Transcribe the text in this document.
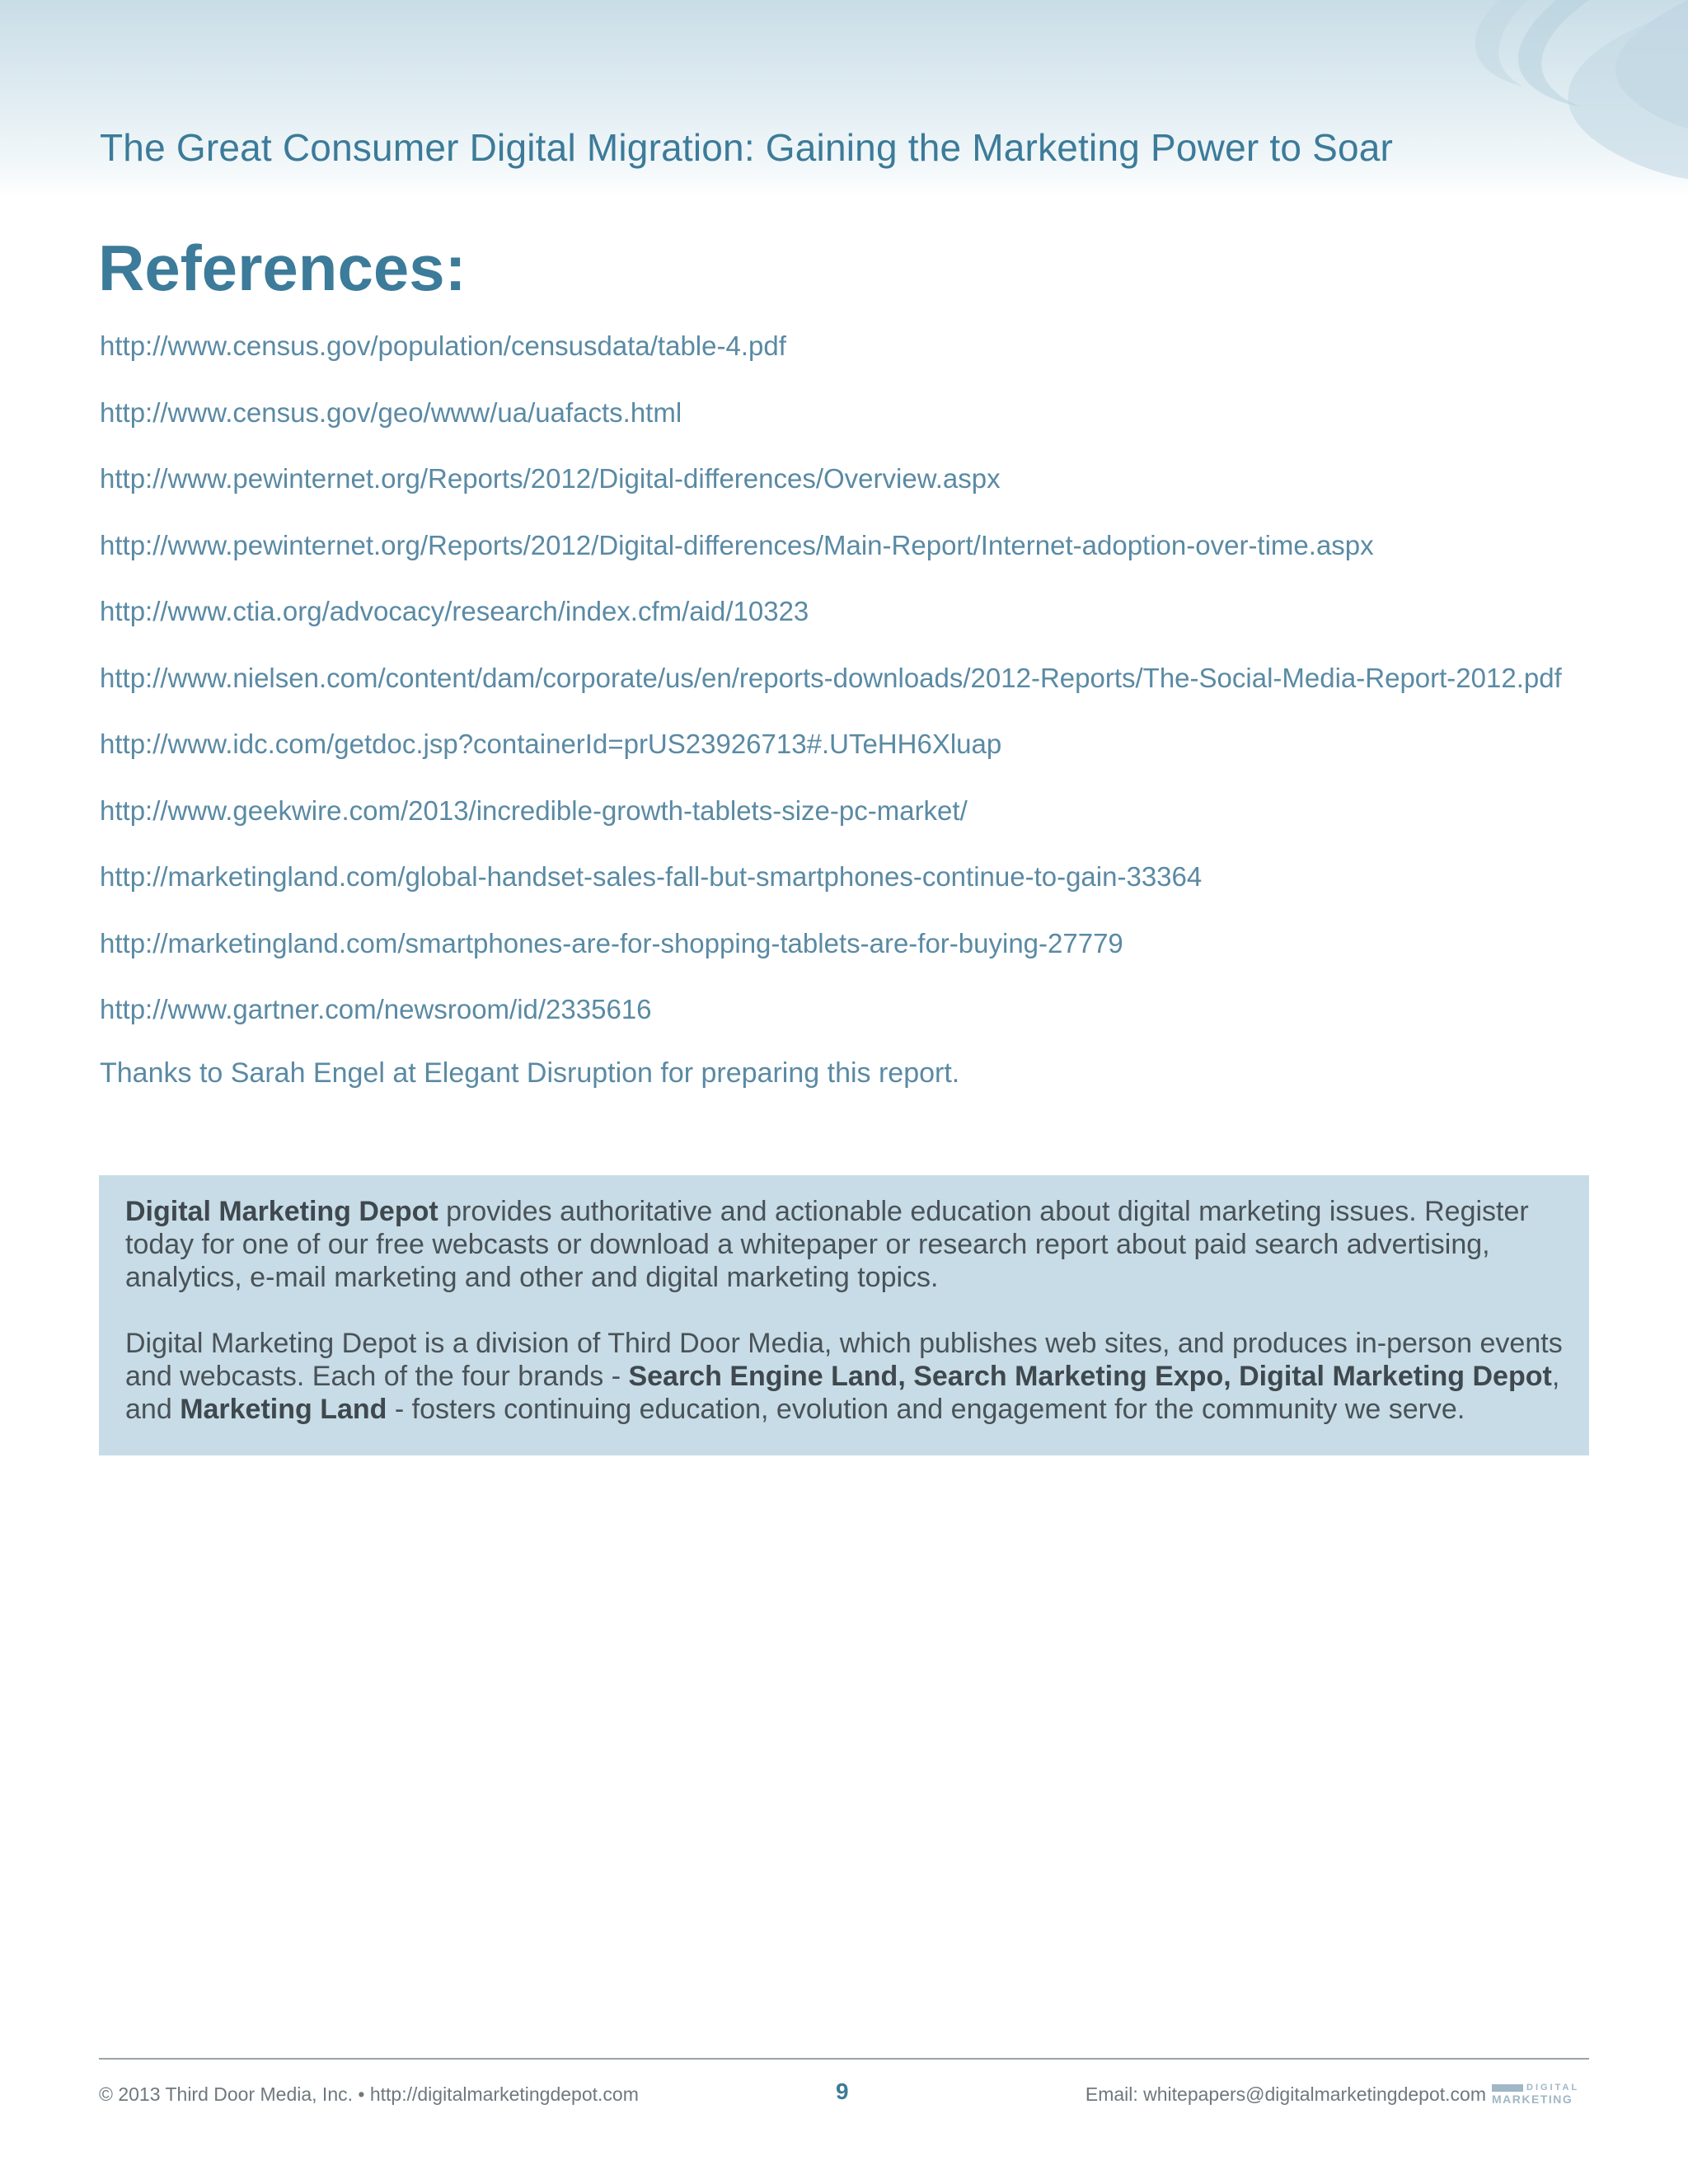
The Great Consumer Digital Migration: Gaining the Marketing Power to Soar
References:
http://www.census.gov/population/censusdata/table-4.pdf
http://www.census.gov/geo/www/ua/uafacts.html
http://www.pewinternet.org/Reports/2012/Digital-differences/Overview.aspx
http://www.pewinternet.org/Reports/2012/Digital-differences/Main-Report/Internet-adoption-over-time.aspx
http://www.ctia.org/advocacy/research/index.cfm/aid/10323
http://www.nielsen.com/content/dam/corporate/us/en/reports-downloads/2012-Reports/The-Social-Media-Report-2012.pdf
http://www.idc.com/getdoc.jsp?containerId=prUS23926713#.UTeHH6Xluap
http://www.geekwire.com/2013/incredible-growth-tablets-size-pc-market/
http://marketingland.com/global-handset-sales-fall-but-smartphones-continue-to-gain-33364
http://marketingland.com/smartphones-are-for-shopping-tablets-are-for-buying-27779
http://www.gartner.com/newsroom/id/2335616
Thanks to Sarah Engel at Elegant Disruption for preparing this report.

Digital Marketing Depot provides authoritative and actionable education about digital marketing issues. Register today for one of our free webcasts or download a whitepaper or research report about paid search advertising, analytics, e-mail marketing and other and digital marketing topics.

Digital Marketing Depot is a division of Third Door Media, which publishes web sites, and produces in-person events and webcasts. Each of the four brands - Search Engine Land, Search Marketing Expo, Digital Marketing Depot, and Marketing Land - fosters continuing education, evolution and engagement for the community we serve.

© 2013 Third Door Media, Inc. • http://digitalmarketingdepot.com	9	Email: whitepapers@digitalmarketingdepot.com	DIGITAL
MARKETING
